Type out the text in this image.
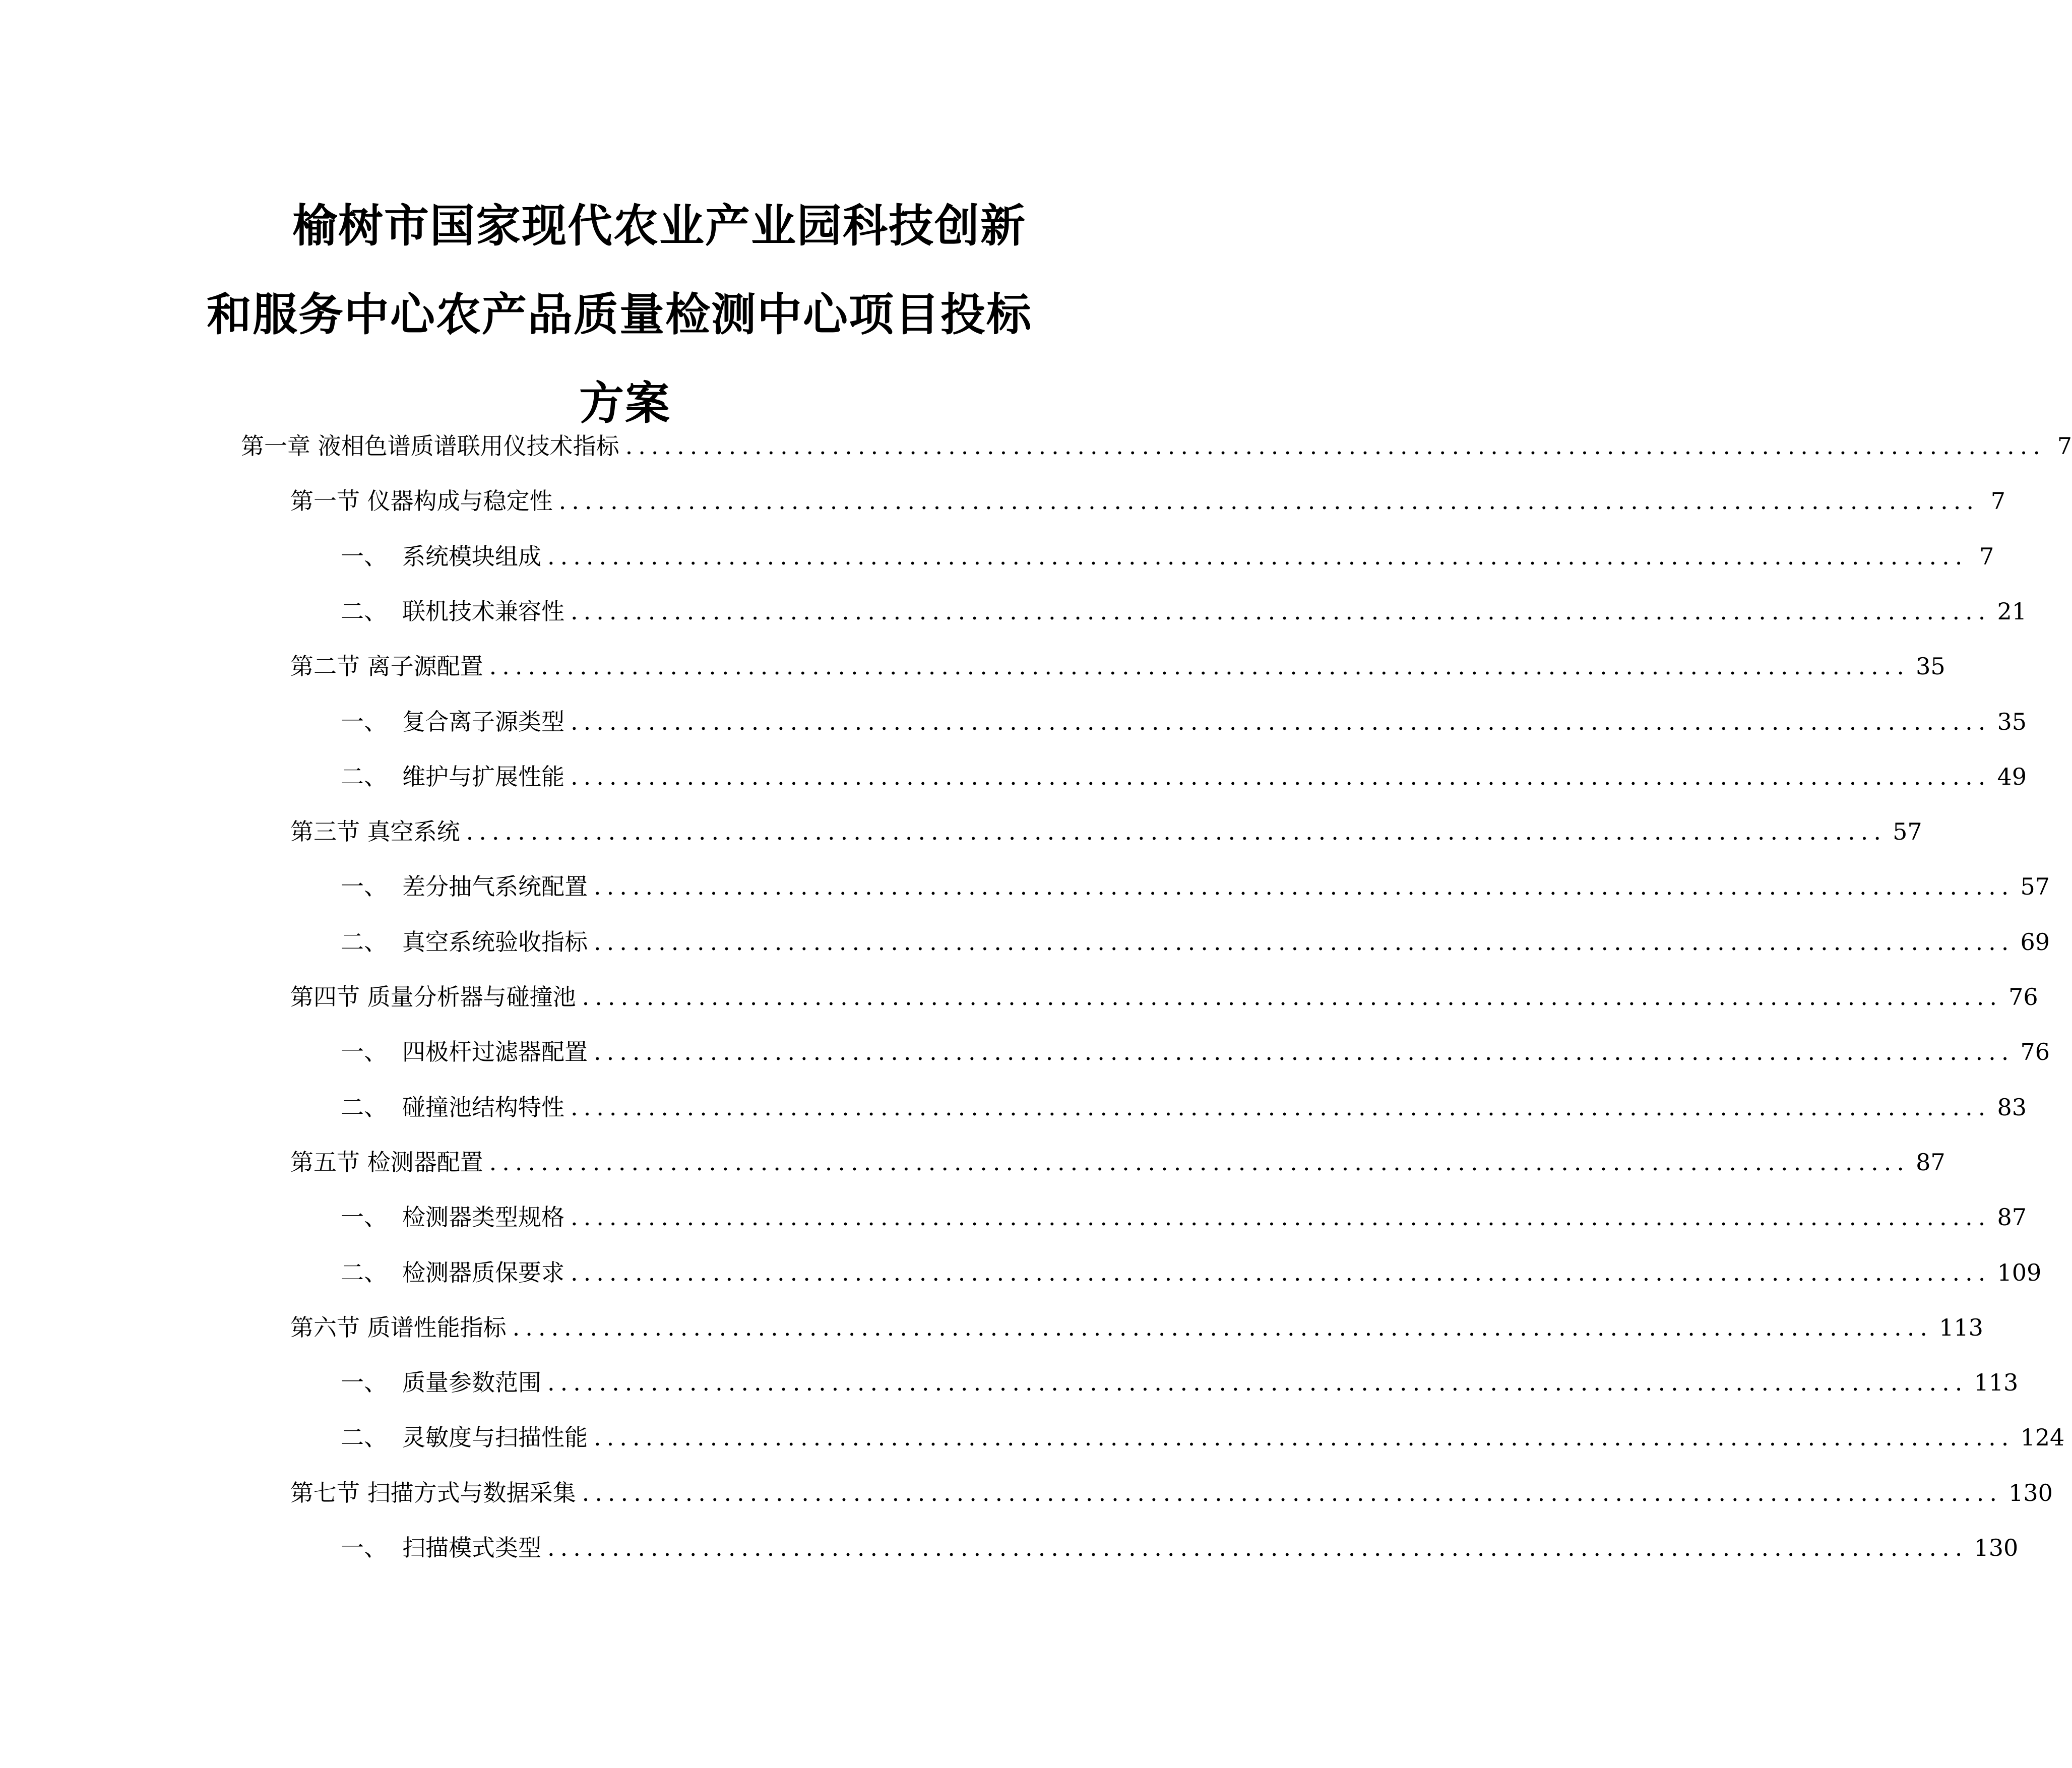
榆树市国家现代农业产业园科技创新
和服务中心农产品质量检测中心项目投标
方案
第一章 液相色谱质谱联用仪技术指标 .............................................................................................................. 7
第一节 仪器构成与稳定性 .............................................................................................................. 7
一、 系统模块组成 .............................................................................................................. 7
二、 联机技术兼容性 .............................................................................................................. 21
第二节 离子源配置 .............................................................................................................. 35
一、 复合离子源类型 .............................................................................................................. 35
二、 维护与扩展性能 .............................................................................................................. 49
第三节 真空系统 .............................................................................................................. 57
一、 差分抽气系统配置 .............................................................................................................. 57
二、 真空系统验收指标 .............................................................................................................. 69
第四节 质量分析器与碰撞池 .............................................................................................................. 76
一、 四极杆过滤器配置 .............................................................................................................. 76
二、 碰撞池结构特性 .............................................................................................................. 83
第五节 检测器配置 .............................................................................................................. 87
一、 检测器类型规格 .............................................................................................................. 87
二、 检测器质保要求 .............................................................................................................. 109
第六节 质谱性能指标 .............................................................................................................. 113
一、 质量参数范围 .............................................................................................................. 113
二、 灵敏度与扫描性能 .............................................................................................................. 124
第七节 扫描方式与数据采集 .............................................................................................................. 130
一、 扫描模式类型 .............................................................................................................. 130
